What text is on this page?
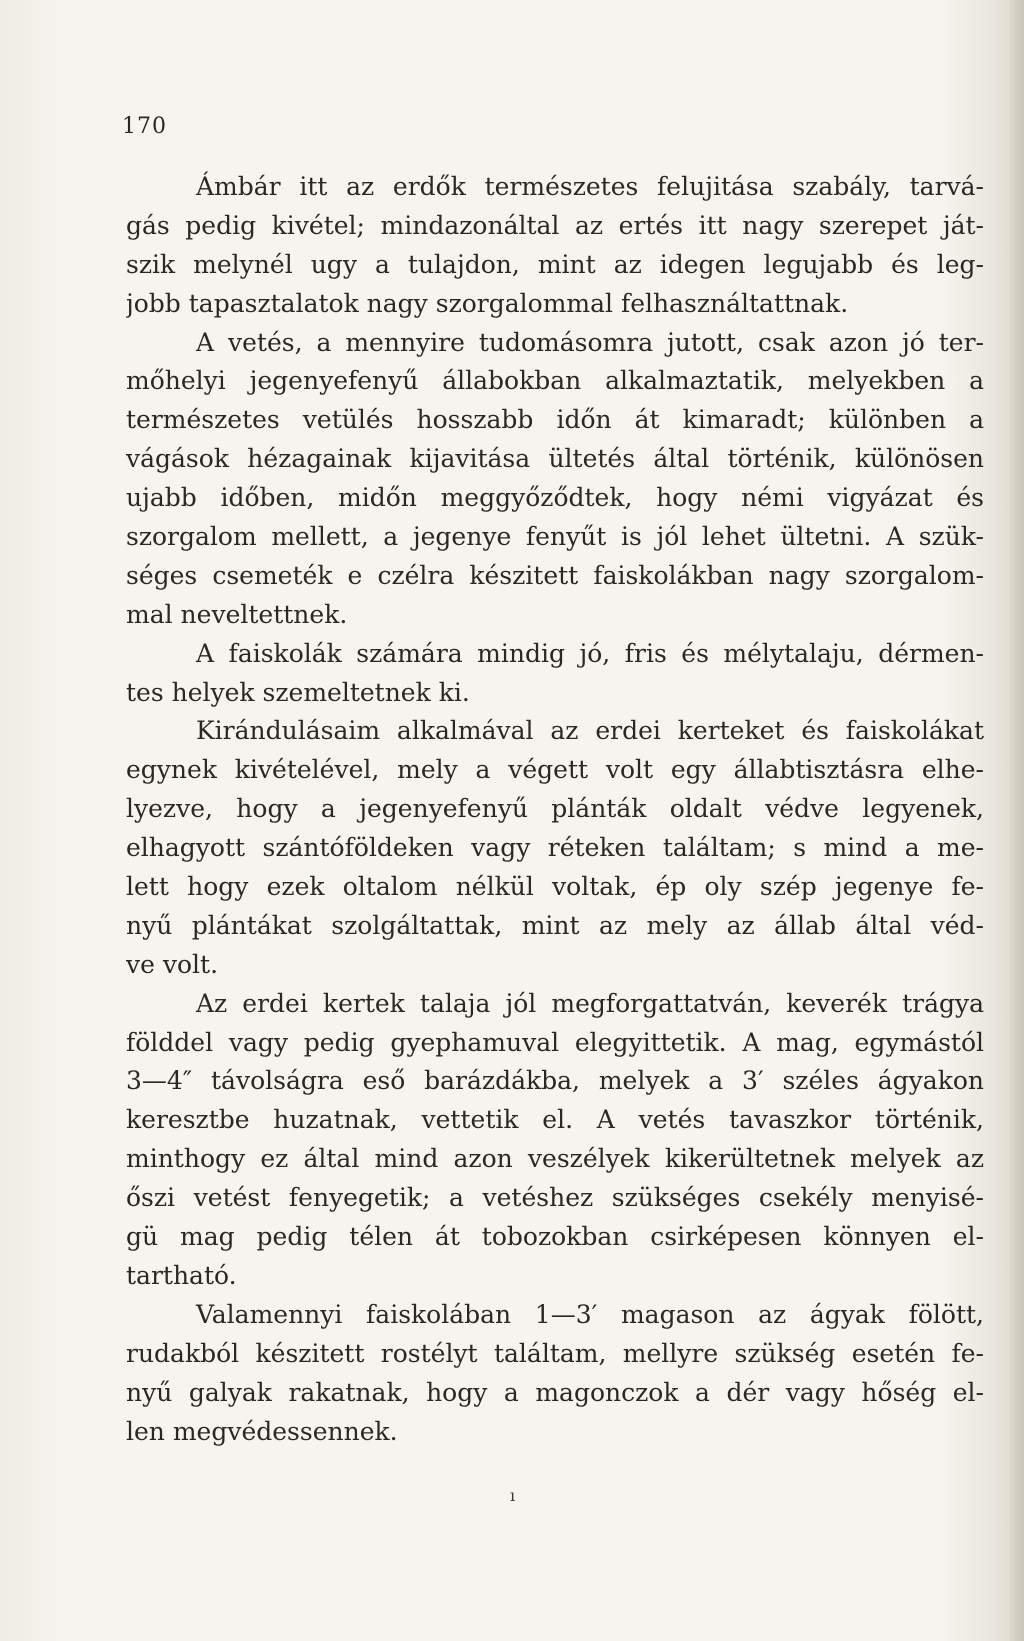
170
Ámbár itt az erdők természetes felujitása szabály, tarvá-
gás pedig kivétel; mindazonáltal az ertés itt nagy szerepet ját-
szik melynél ugy a tulajdon, mint az idegen legujabb és leg-
jobb tapasztalatok nagy szorgalommal felhasználtattnak.
A vetés, a mennyire tudomásomra jutott, csak azon jó ter-
mőhelyi jegenyefenyű állabokban alkalmaztatik, melyekben a
természetes vetülés hosszabb időn át kimaradt; különben a
vágások hézagainak kijavitása ültetés által történik, különösen
ujabb időben, midőn meggyőződtek, hogy némi vigyázat és
szorgalom mellett, a jegenye fenyűt is jól lehet ültetni. A szük-
séges csemeték e czélra készitett faiskolákban nagy szorgalom-
mal neveltettnek.
A faiskolák számára mindig jó, fris és mélytalaju, dérmen-
tes helyek szemeltetnek ki.
Kirándulásaim alkalmával az erdei kerteket és faiskolákat
egynek kivételével, mely a végett volt egy állabtisztásra elhe-
lyezve, hogy a jegenyefenyű plánták oldalt védve legyenek,
elhagyott szántóföldeken vagy réteken találtam; s mind a me-
lett hogy ezek oltalom nélkül voltak, ép oly szép jegenye fe-
nyű plántákat szolgáltattak, mint az mely az állab által véd-
ve volt.
Az erdei kertek talaja jól megforgattatván, keverék trágya
földdel vagy pedig gyephamuval elegyittetik. A mag, egymástól
3—4″ távolságra eső barázdákba, melyek a 3′ széles ágyakon
keresztbe huzatnak, vettetik el. A vetés tavaszkor történik,
minthogy ez által mind azon veszélyek kikerültetnek melyek az
őszi vetést fenyegetik; a vetéshez szükséges csekély menyisé-
gü mag pedig télen át tobozokban csirképesen könnyen el-
tartható.
Valamennyi faiskolában 1—3′ magason az ágyak fölött,
rudakból készitett rostélyt találtam, mellyre szükség esetén fe-
nyű galyak rakatnak, hogy a magonczok a dér vagy hőség el-
len megvédessennek.
ı
